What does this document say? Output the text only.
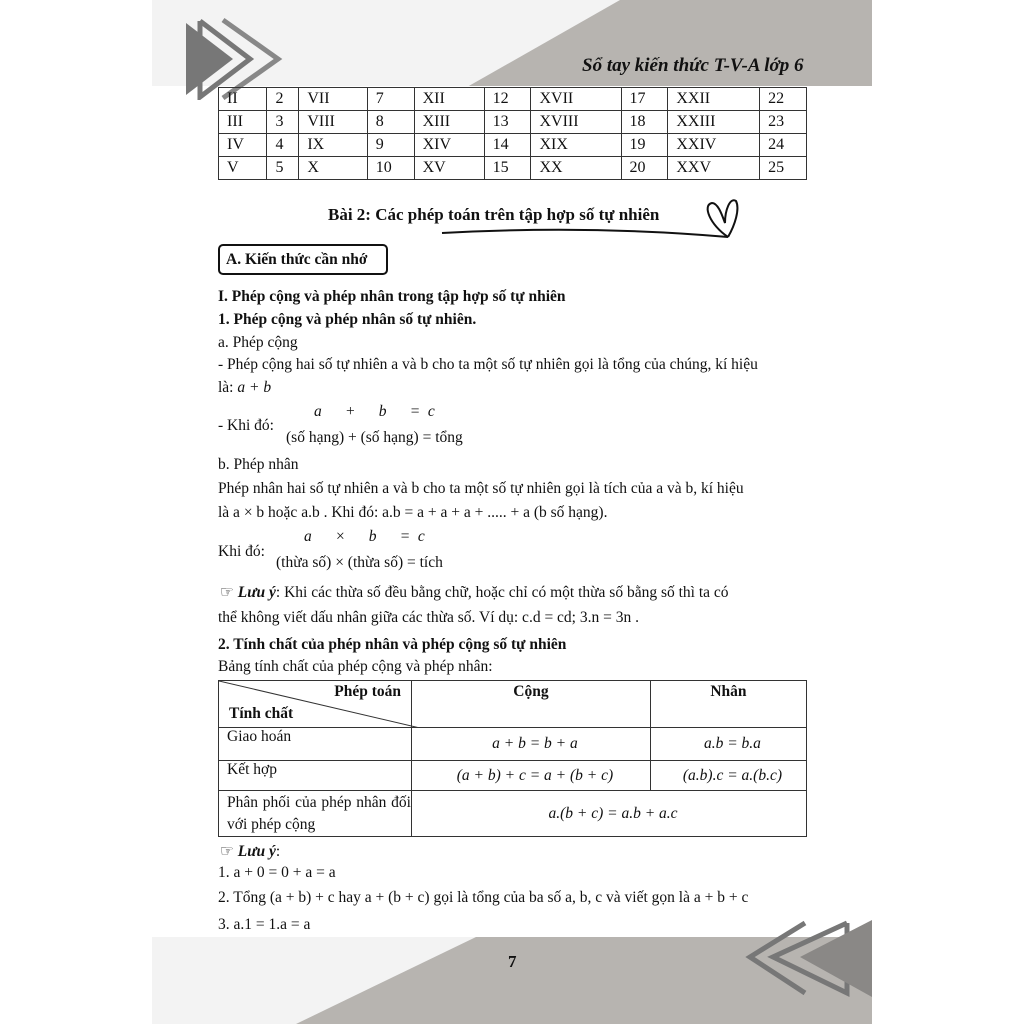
Sổ tay kiến thức T-V-A lớp 6
II	2	VII	7	XII	12	XVII	17	XXII	22
III	3	VIII	8	XIII	13	XVIII	18	XXIII	23
IV	4	IX	9	XIV	14	XIX	19	XXIV	24
V	5	X	10	XV	15	XX	20	XXV	25
Bài 2: Các phép toán trên tập hợp số tự nhiên
A. Kiến thức cần nhớ
I. Phép cộng và phép nhân trong tập hợp số tự nhiên
1. Phép cộng và phép nhân số tự nhiên.
a. Phép cộng
- Phép cộng hai số tự nhiên a và b cho ta một số tự nhiên gọi là tổng của chúng, kí hiệu
là: a + b
- Khi đó:
a      +      b      =  c
(số hạng) + (số hạng) = tổng
b. Phép nhân
Phép nhân hai số tự nhiên a và b cho ta một số tự nhiên gọi là tích của a và b, kí hiệu
là a × b hoặc a.b . Khi đó: a.b = a + a + a + ..... + a (b số hạng).
Khi đó:
a      ×      b      =  c
(thừa số) × (thừa số) = tích
☞ Lưu ý: Khi các thừa số đều bằng chữ, hoặc chỉ có một thừa số bằng số thì ta có
thể không viết dấu nhân giữa các thừa số. Ví dụ: c.d = cd; 3.n = 3n .
2. Tính chất của phép nhân và phép cộng số tự nhiên
Bảng tính chất của phép cộng và phép nhân:
Phép toán
Tính chất	Cộng	Nhân
Giao hoán	a + b = b + a	a.b = b.a
Kết hợp	(a + b) + c = a + (b + c)	(a.b).c = a.(b.c)
Phân phối của phép nhân đối với phép cộng	a.(b + c) = a.b + a.c	
☞ Lưu ý:
1. a + 0 = 0 + a = a
2. Tổng (a + b) + c hay a + (b + c) gọi là tổng của ba số a, b, c và viết gọn là a + b + c
3. a.1 = 1.a = a
7
